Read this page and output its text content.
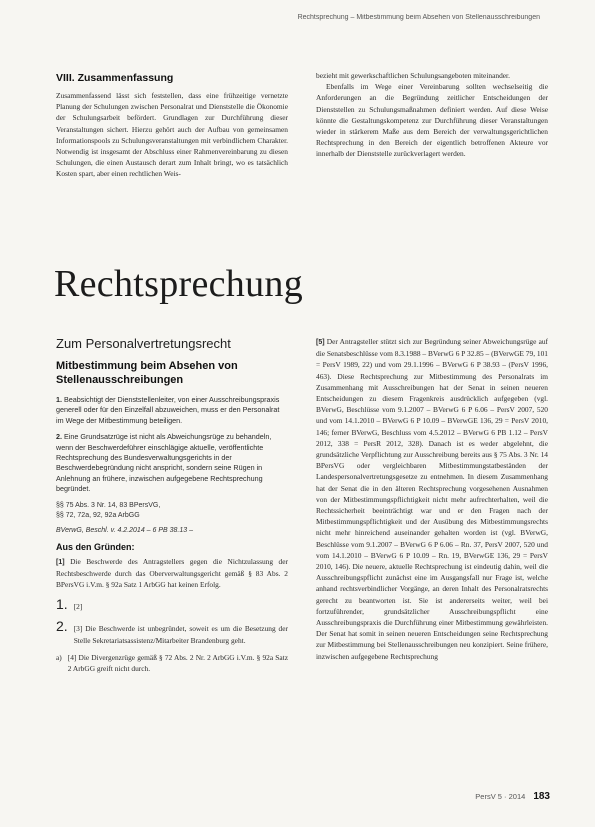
Rechtsprechung – Mitbestimmung beim Absehen von Stellenausschreibungen
VIII. Zusammenfassung

Zusammenfassend lässt sich feststellen, dass eine frühzeitige vernetzte Planung der Schulungen zwischen Personalrat und Dienststelle die Ökonomie der Schulungsarbeit befördert. Grundlagen zur Durchführung dieser Veranstaltungen sichert. Hierzu gehört auch der Aufbau von gemeinsamen Informationspools zu Schulungsveranstaltungen mit verbindlichem Charakter. Notwendig ist insgesamt der Abschluss einer Rahmenvereinbarung zu diesen Schulungen, die einen Austausch derart zum Inhalt bringt, wo es tatsächlich Kosten spart, aber einen rechtlichen Weis-

bezieht mit gewerkschaftlichen Schulungsangeboten miteinander.

Ebenfalls im Wege einer Vereinbarung sollten wechselseitig die Anforderungen an die Begründung zeitlicher Entscheidungen der Dienststellen zu Schulungsmaßnahmen definiert werden. Auf diese Weise könnte die Gestaltungskompetenz zur Durchführung dieser Veranstaltungen wieder in stärkerem Maße aus dem Bereich der verwaltungsgerichtlichen Rechtsprechung in den Bereich der eigentlich betroffenen Akteure vor innerhalb der Dienststelle zurückverlagert werden.

Rechtsprechung
Zum Personalvertretungsrecht
Mitbestimmung beim Absehen von Stellenausschreibungen

1. Beabsichtigt der Dienststellenleiter, von einer Ausschreibungspraxis generell oder für den Einzelfall abzuweichen, muss er den Personalrat im Wege der Mitbestimmung beteiligen.

2. Eine Grundsatzrüge ist nicht als Abweichungsrüge zu behandeln, wenn der Beschwerdeführer einschlägige aktuelle, veröffentlichte Rechtsprechung des Bundesverwaltungsgerichts in der Beschwerdebegründung nicht anspricht, sondern seine Rügen in Anlehnung an frühere, inzwischen aufgegebene Rechtsprechung begründet.

§§ 75 Abs. 3 Nr. 14, 83 BPersVG,
§§ 72, 72a, 92, 92a ArbGG
BVerwG, Beschl. v. 4.2.2014 – 6 PB 38.13 –
Aus den Gründen:

[1] Die Beschwerde des Antragstellers gegen die Nichtzulassung der Rechtsbeschwerde durch das Oberverwaltungsgericht gemäß § 83 Abs. 2 BPersVG i.V.m. § 92a Satz 1 ArbGG hat keinen Erfolg.

1. [2]
2. [3] Die Beschwerde ist unbegründet, soweit es um die Besetzung der Stelle Sekretariatsassistenz/Mitarbeiter Brandenburg geht.
a) [4] Die Divergenzrüge gemäß § 72 Abs. 2 Nr. 2 ArbGG i.V.m. § 92a Satz 2 ArbGG greift nicht durch.

[5] Der Antragsteller stützt sich zur Begründung seiner Abweichungsrüge auf die Senatsbeschlüsse vom 8.3.1988 – BVerwG 6 P 32.85 – (BVerwGE 79, 101 = PersV 1989, 22) und vom 29.1.1996 – BVerwG 6 P 38.93 – (PersV 1996, 463). Diese Rechtsprechung zur Mitbestimmung des Personalrats im Zusammenhang mit Ausschreibungen hat der Senat in seinen neueren Entscheidungen zu diesem Fragenkreis ausdrücklich aufgegeben (vgl. BVerwG, Beschlüsse vom 9.1.2007 – BVerwG 6 P 6.06 – PersV 2007, 520 und vom 14.1.2010 – BVerwG 6 P 10.09 – BVerwGE 136, 29 = PersV 2010, 146; ferner BVerwG, Beschluss vom 4.5.2012 – BVerwG 6 PB 1.12 – PersV 2012, 338 = PersR 2012, 328). Danach ist es weder abgelehnt, die grundsätzliche Verpflichtung zur Ausschreibung bereits aus § 75 Abs. 3 Nr. 14 BPersVG oder vergleichbaren Mitbestimmungstatbeständen der Landespersonalvertretungsgesetze zu entnehmen. In diesem Zusammenhang hat der Senat die in den älteren Rechtsprechung vorgesehenen Ausnahmen von der Mitbestimmungspflichtigkeit nicht mehr aufrechterhalten, weil die Rechtssicherheit beeinträchtigt war und er den Fragen nach der Mitbestimmungspflichtigkeit und der Ausübung des Mitbestimmungsrechts nicht mehr hinreichend auseinander gehalten worden ist (vgl. BVerwG, Beschlüsse vom 9.1.2007 – BVerwG 6 P 6.06 – Rn. 37, PersV 2007, 520 und vom 14.1.2010 – BVerwG 6 P 10.09 – Rn. 19, BVerwGE 136, 29 = PersV 2010, 146). Die neuere, aktuelle Rechtsprechung ist eindeutig dahin, weil die Ausschreibungspflicht zunächst eine im Ausgangsfall nur Frage ist, welche anhand rechtsverbindlicher Vorgänge, an deren Inhalt des Personalratsrechts gerecht zu beantworten ist. Sie ist andererseits weiter, weil bei fortzuführender, grundsätzlicher Ausschreibungspflicht eine Ausschreibungspraxis die Durchführung einer Mitbestimmung gewährleisten. Der Senat hat somit in seinen neueren Entscheidungen seine Rechtsprechung zur Mitbestimmung bei Stellenausschreibungen neu konzipiert. Seine frühere, inzwischen aufgegebene Rechtsprechung

PersV 5 · 2014 183
